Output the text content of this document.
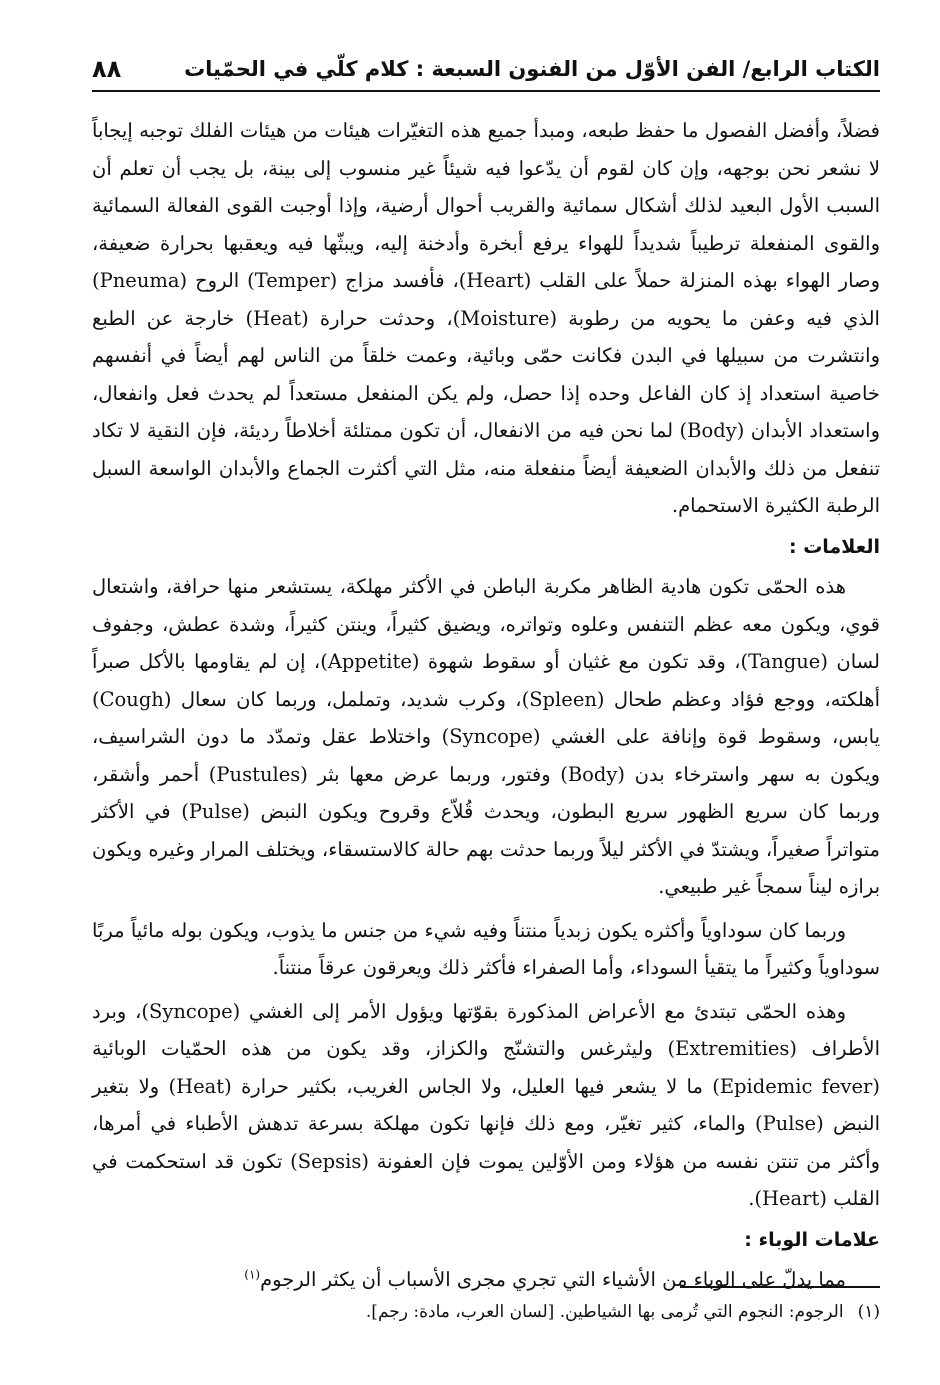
الكتاب الرابع/ الفن الأوّل من الفنون السبعة : كلام كلّي في الحمّيات
٨٨

فضلاً، وأفضل الفصول ما حفظ طبعه، ومبدأ جميع هذه التغيّرات هيئات من هيئات الفلك توجبه إيجاباً لا نشعر نحن بوجهه، وإن كان لقوم أن يدّعوا فيه شيئاً غير منسوب إلى بينة، بل يجب أن تعلم أن السبب الأول البعيد لذلك أشكال سمائية والقريب أحوال أرضية، وإذا أوجبت القوى الفعالة السمائية والقوى المنفعلة ترطيباً شديداً للهواء يرفع أبخرة وأدخنة إليه، ويبثّها فيه ويعقبها بحرارة ضعيفة، وصار الهواء بهذه المنزلة حملاً على القلب (Heart)، فأفسد مزاج (Temper) الروح (Pneuma) الذي فيه وعفن ما يحويه من رطوبة (Moisture)، وحدثت حرارة (Heat) خارجة عن الطبع وانتشرت من سبيلها في البدن فكانت حمّى وبائية، وعمت خلقاً من الناس لهم أيضاً في أنفسهم خاصية استعداد إذ كان الفاعل وحده إذا حصل، ولم يكن المنفعل مستعداً لم يحدث فعل وانفعال، واستعداد الأبدان (Body) لما نحن فيه من الانفعال، أن تكون ممتلئة أخلاطاً رديئة، فإن النقية لا تكاد تنفعل من ذلك والأبدان الضعيفة أيضاً منفعلة منه، مثل التي أكثرت الجماع والأبدان الواسعة السبل الرطبة الكثيرة الاستحمام.

العلامات :

هذه الحمّى تكون هادية الظاهر مكربة الباطن في الأكثر مهلكة، يستشعر منها حرافة، واشتعال قوي، ويكون معه عظم التنفس وعلوه وتواتره، ويضيق كثيراً، وينتن كثيراً، وشدة عطش، وجفوف لسان (Tangue)، وقد تكون مع غثيان أو سقوط شهوة (Appetite)، إن لم يقاومها بالأكل صبراً أهلكته، ووجع فؤاد وعظم طحال (Spleen)، وكرب شديد، وتململ، وربما كان سعال (Cough) يابس، وسقوط قوة وإنافة على الغشي (Syncope) واختلاط عقل وتمدّد ما دون الشراسيف، ويكون به سهر واسترخاء بدن (Body) وفتور، وربما عرض معها بثر (Pustules) أحمر وأشقر، وربما كان سريع الظهور سريع البطون، ويحدث قُلاّع وقروح ويكون النبض (Pulse) في الأكثر متواتراً صغيراً، ويشتدّ في الأكثر ليلاً وربما حدثت بهم حالة كالاستسقاء، ويختلف المرار وغيره ويكون برازه ليناً سمجاً غير طبيعي.

وربما كان سوداوياً وأكثره يكون زبدياً منتناً وفيه شيء من جنس ما يذوب، ويكون بوله مائياً مربًا سوداوياً وكثيراً ما يتقيأ السوداء، وأما الصفراء فأكثر ذلك ويعرقون عرقاً منتناً.

وهذه الحمّى تبتدئ مع الأعراض المذكورة بقوّتها ويؤول الأمر إلى الغشي (Syncope)، وبرد الأطراف (Extremities) وليثرغس والتشنّج والكزاز، وقد يكون من هذه الحمّيات الوبائية (Epidemic fever) ما لا يشعر فيها العليل، ولا الجاس الغريب، بكثير حرارة (Heat) ولا بتغير النبض (Pulse) والماء، كثير تغيّر، ومع ذلك فإنها تكون مهلكة بسرعة تدهش الأطباء في أمرها، وأكثر من تنتن نفسه من هؤلاء ومن الأوّلين يموت فإن العفونة (Sepsis) تكون قد استحكمت في القلب (Heart).

علامات الوباء :

مما يدلّ على الوباء من الأشياء التي تجري مجرى الأسباب أن يكثر الرجوم$^{(١)}$

(١)الرجوم: النجوم التي تُرمى بها الشياطين. [لسان العرب، مادة: رجم].
